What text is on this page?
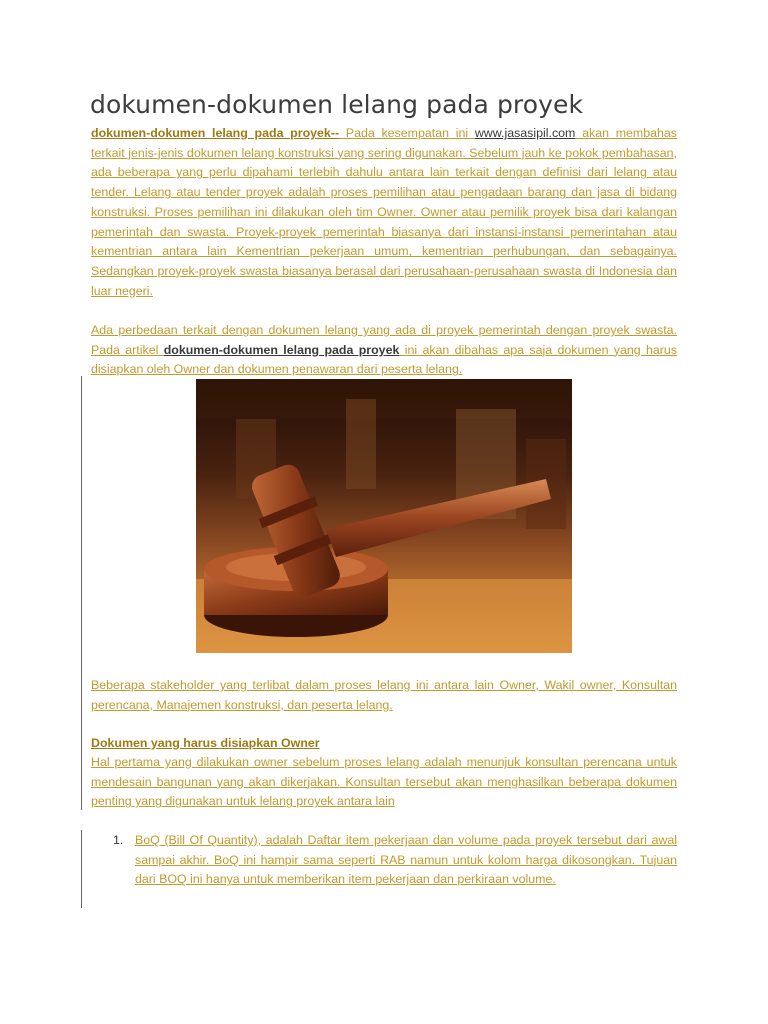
dokumen-dokumen lelang pada proyek

dokumen-dokumen lelang pada proyek-- Pada kesempatan ini www.jasasipil.com akan membahas terkait jenis-jenis dokumen lelang konstruksi yang sering digunakan. Sebelum jauh ke pokok pembahasan, ada beberapa yang perlu dipahami terlebih dahulu antara lain terkait dengan definisi dari lelang atau tender. Lelang atau tender proyek adalah proses pemilihan atau pengadaan barang dan jasa di bidang konstruksi. Proses pemilihan ini dilakukan oleh tim Owner. Owner atau pemilik proyek bisa dari kalangan pemerintah dan swasta. Proyek-proyek pemerintah biasanya dari instansi-instansi pemerintahan atau kementrian antara lain Kementrian pekerjaan umum, kementrian perhubungan, dan sebagainya. Sedangkan proyek-proyek swasta biasanya berasal dari perusahaan-perusahaan swasta di Indonesia dan luar negeri.

Ada perbedaan terkait dengan dokumen lelang yang ada di proyek pemerintah dengan proyek swasta. Pada artikel dokumen-dokumen lelang pada proyek ini akan dibahas apa saja dokumen yang harus disiapkan oleh Owner dan dokumen penawaran dari peserta lelang.

Beberapa stakeholder yang terlibat dalam proses lelang ini antara lain Owner, Wakil owner, Konsultan perencana, Manajemen konstruksi, dan peserta lelang.

Dokumen yang harus disiapkan Owner

Hal pertama yang dilakukan owner sebelum proses lelang adalah menunjuk konsultan perencana untuk mendesain bangunan yang akan dikerjakan. Konsultan tersebut akan menghasilkan beberapa dokumen penting yang digunakan untuk lelang proyek antara lain

1. BoQ (Bill Of Quantity), adalah Daftar item pekerjaan dan volume pada proyek tersebut dari awal sampai akhir. BoQ ini hampir sama seperti RAB namun untuk kolom harga dikosongkan. Tujuan dari BOQ ini hanya untuk memberikan item pekerjaan dan perkiraan volume.
